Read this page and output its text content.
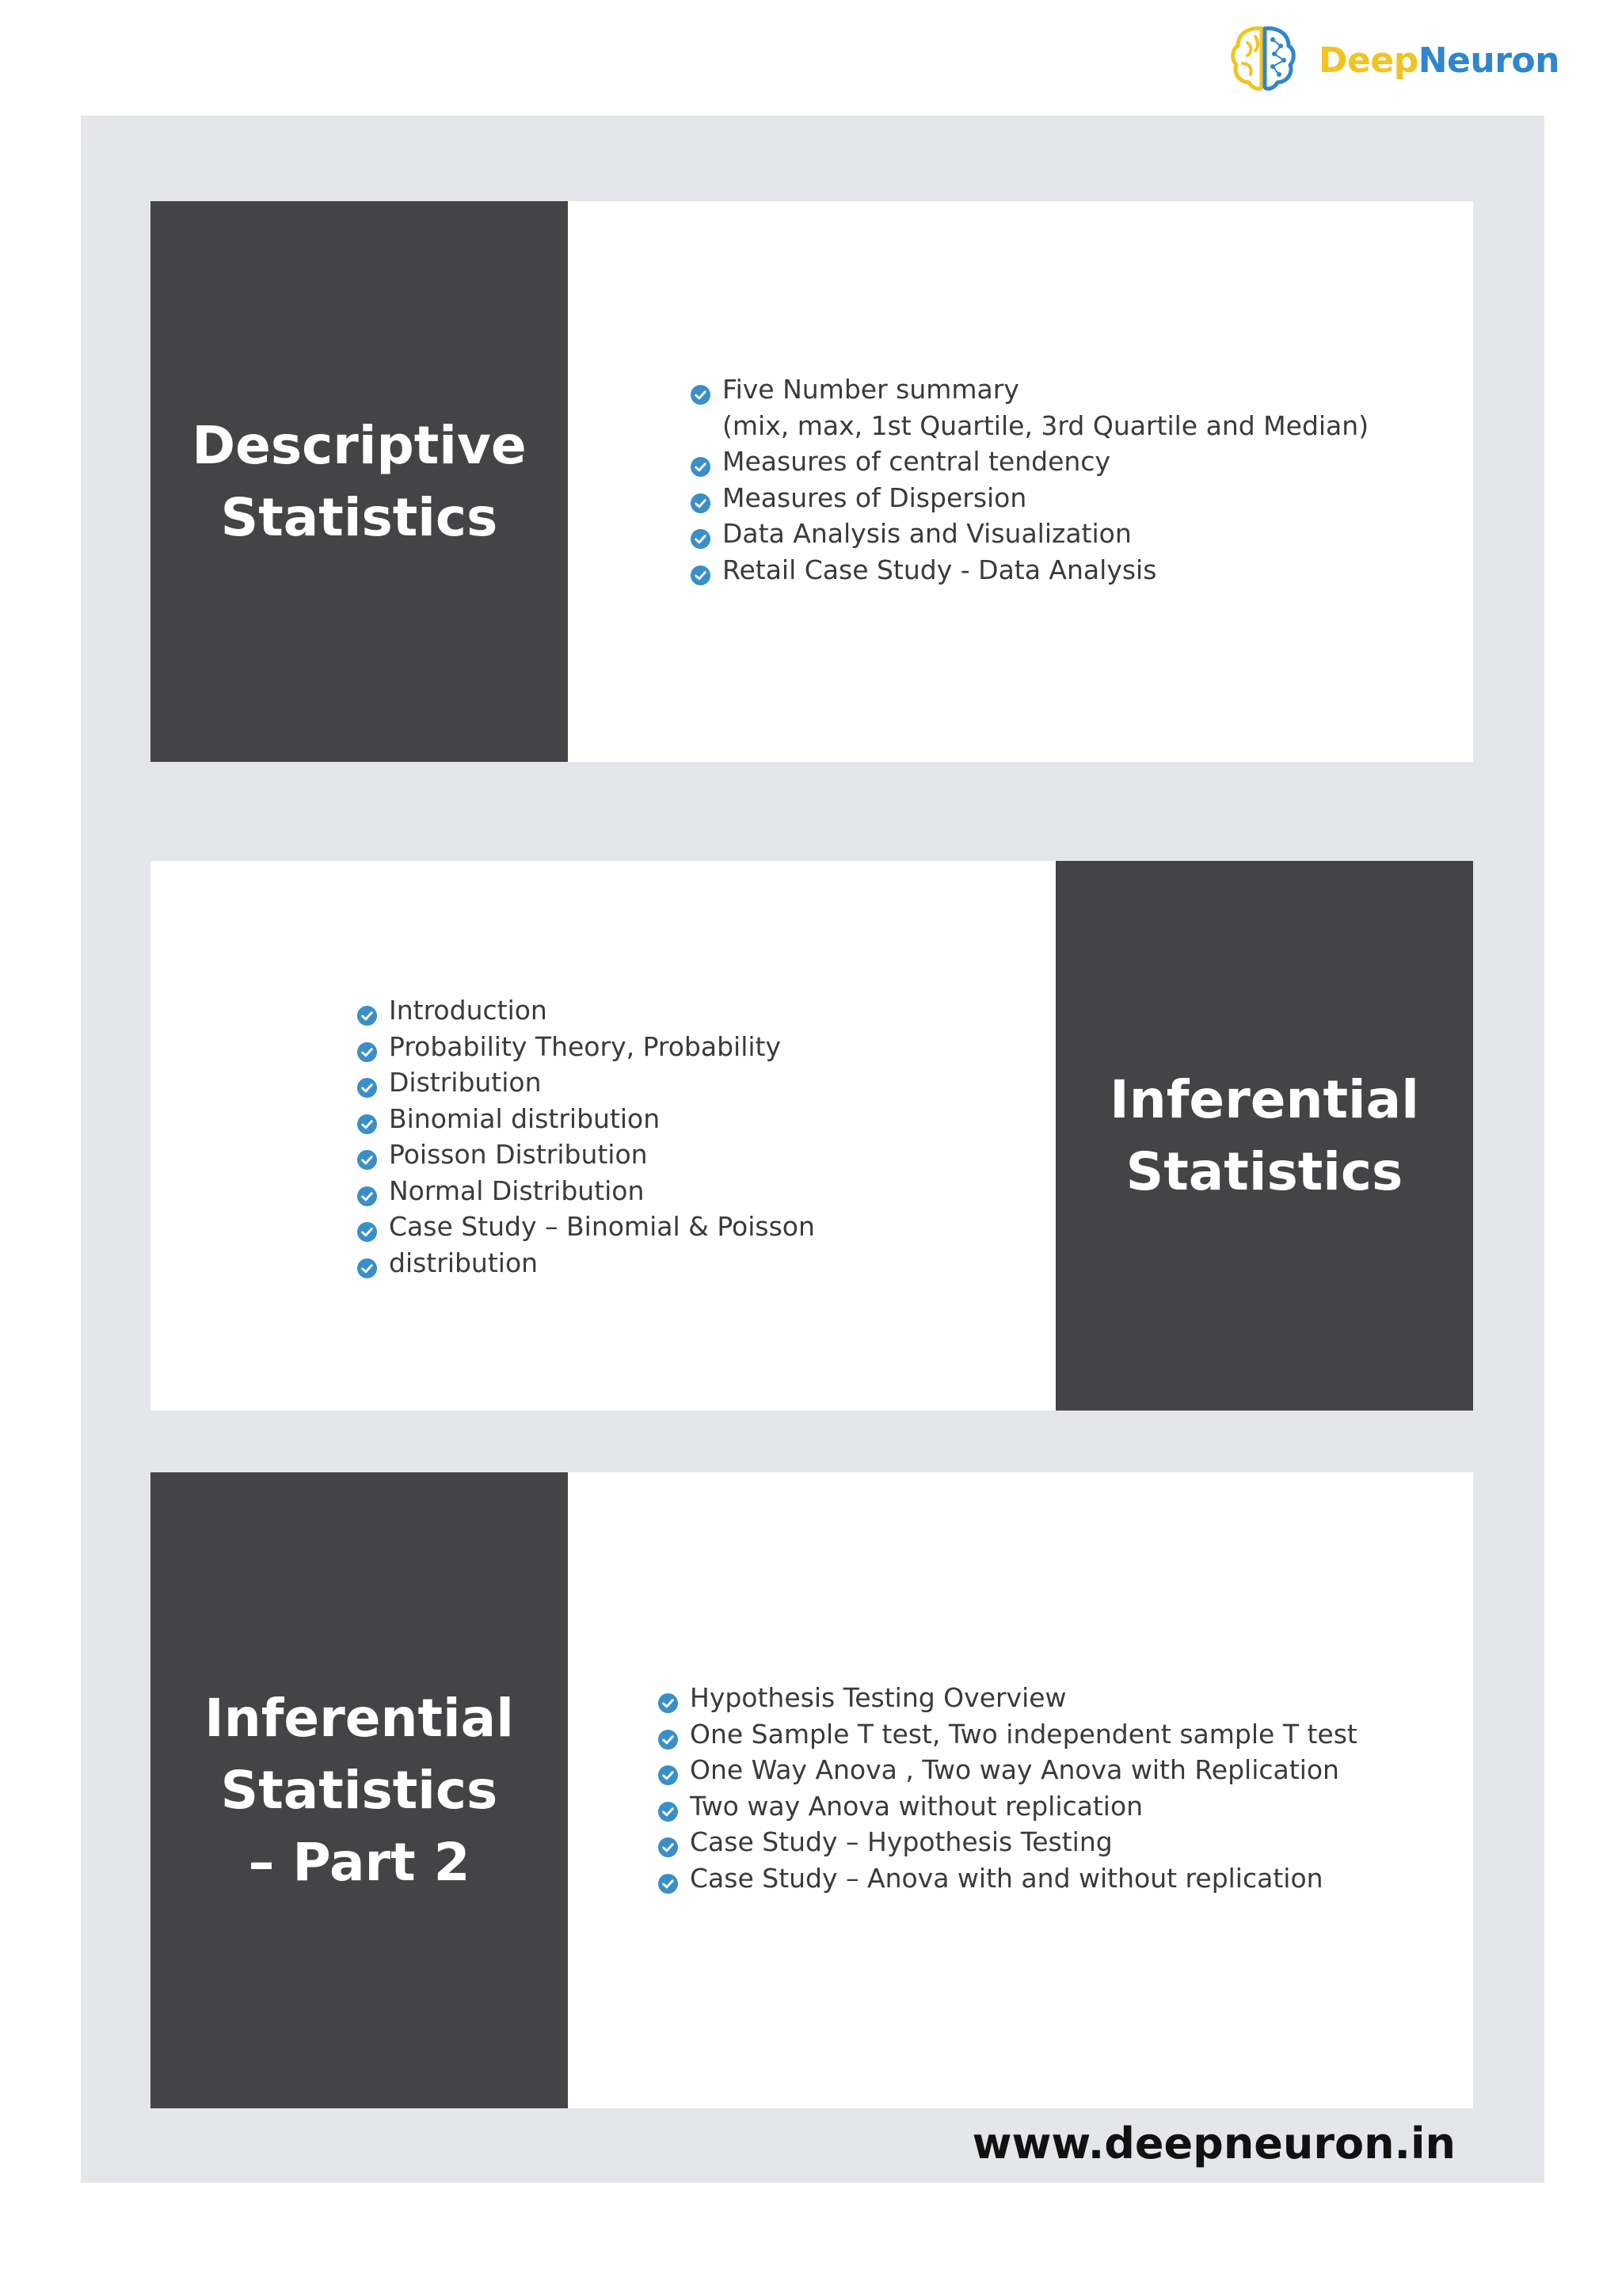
DeepNeuron
Descriptive
Statistics
Five Number summary
(mix, max, 1st Quartile, 3rd Quartile and Median)
Measures of central tendency
Measures of Dispersion
Data Analysis and Visualization
Retail Case Study - Data Analysis
Introduction
Probability Theory, Probability
Distribution
Binomial distribution
Poisson Distribution
Normal Distribution
Case Study – Binomial & Poisson
distribution
Inferential
Statistics
Inferential
Statistics
– Part 2
Hypothesis Testing Overview
One Sample T test, Two independent sample T test
One Way Anova , Two way Anova with Replication
Two way Anova without replication
Case Study – Hypothesis Testing
Case Study – Anova with and without replication
www.deepneuron.in
